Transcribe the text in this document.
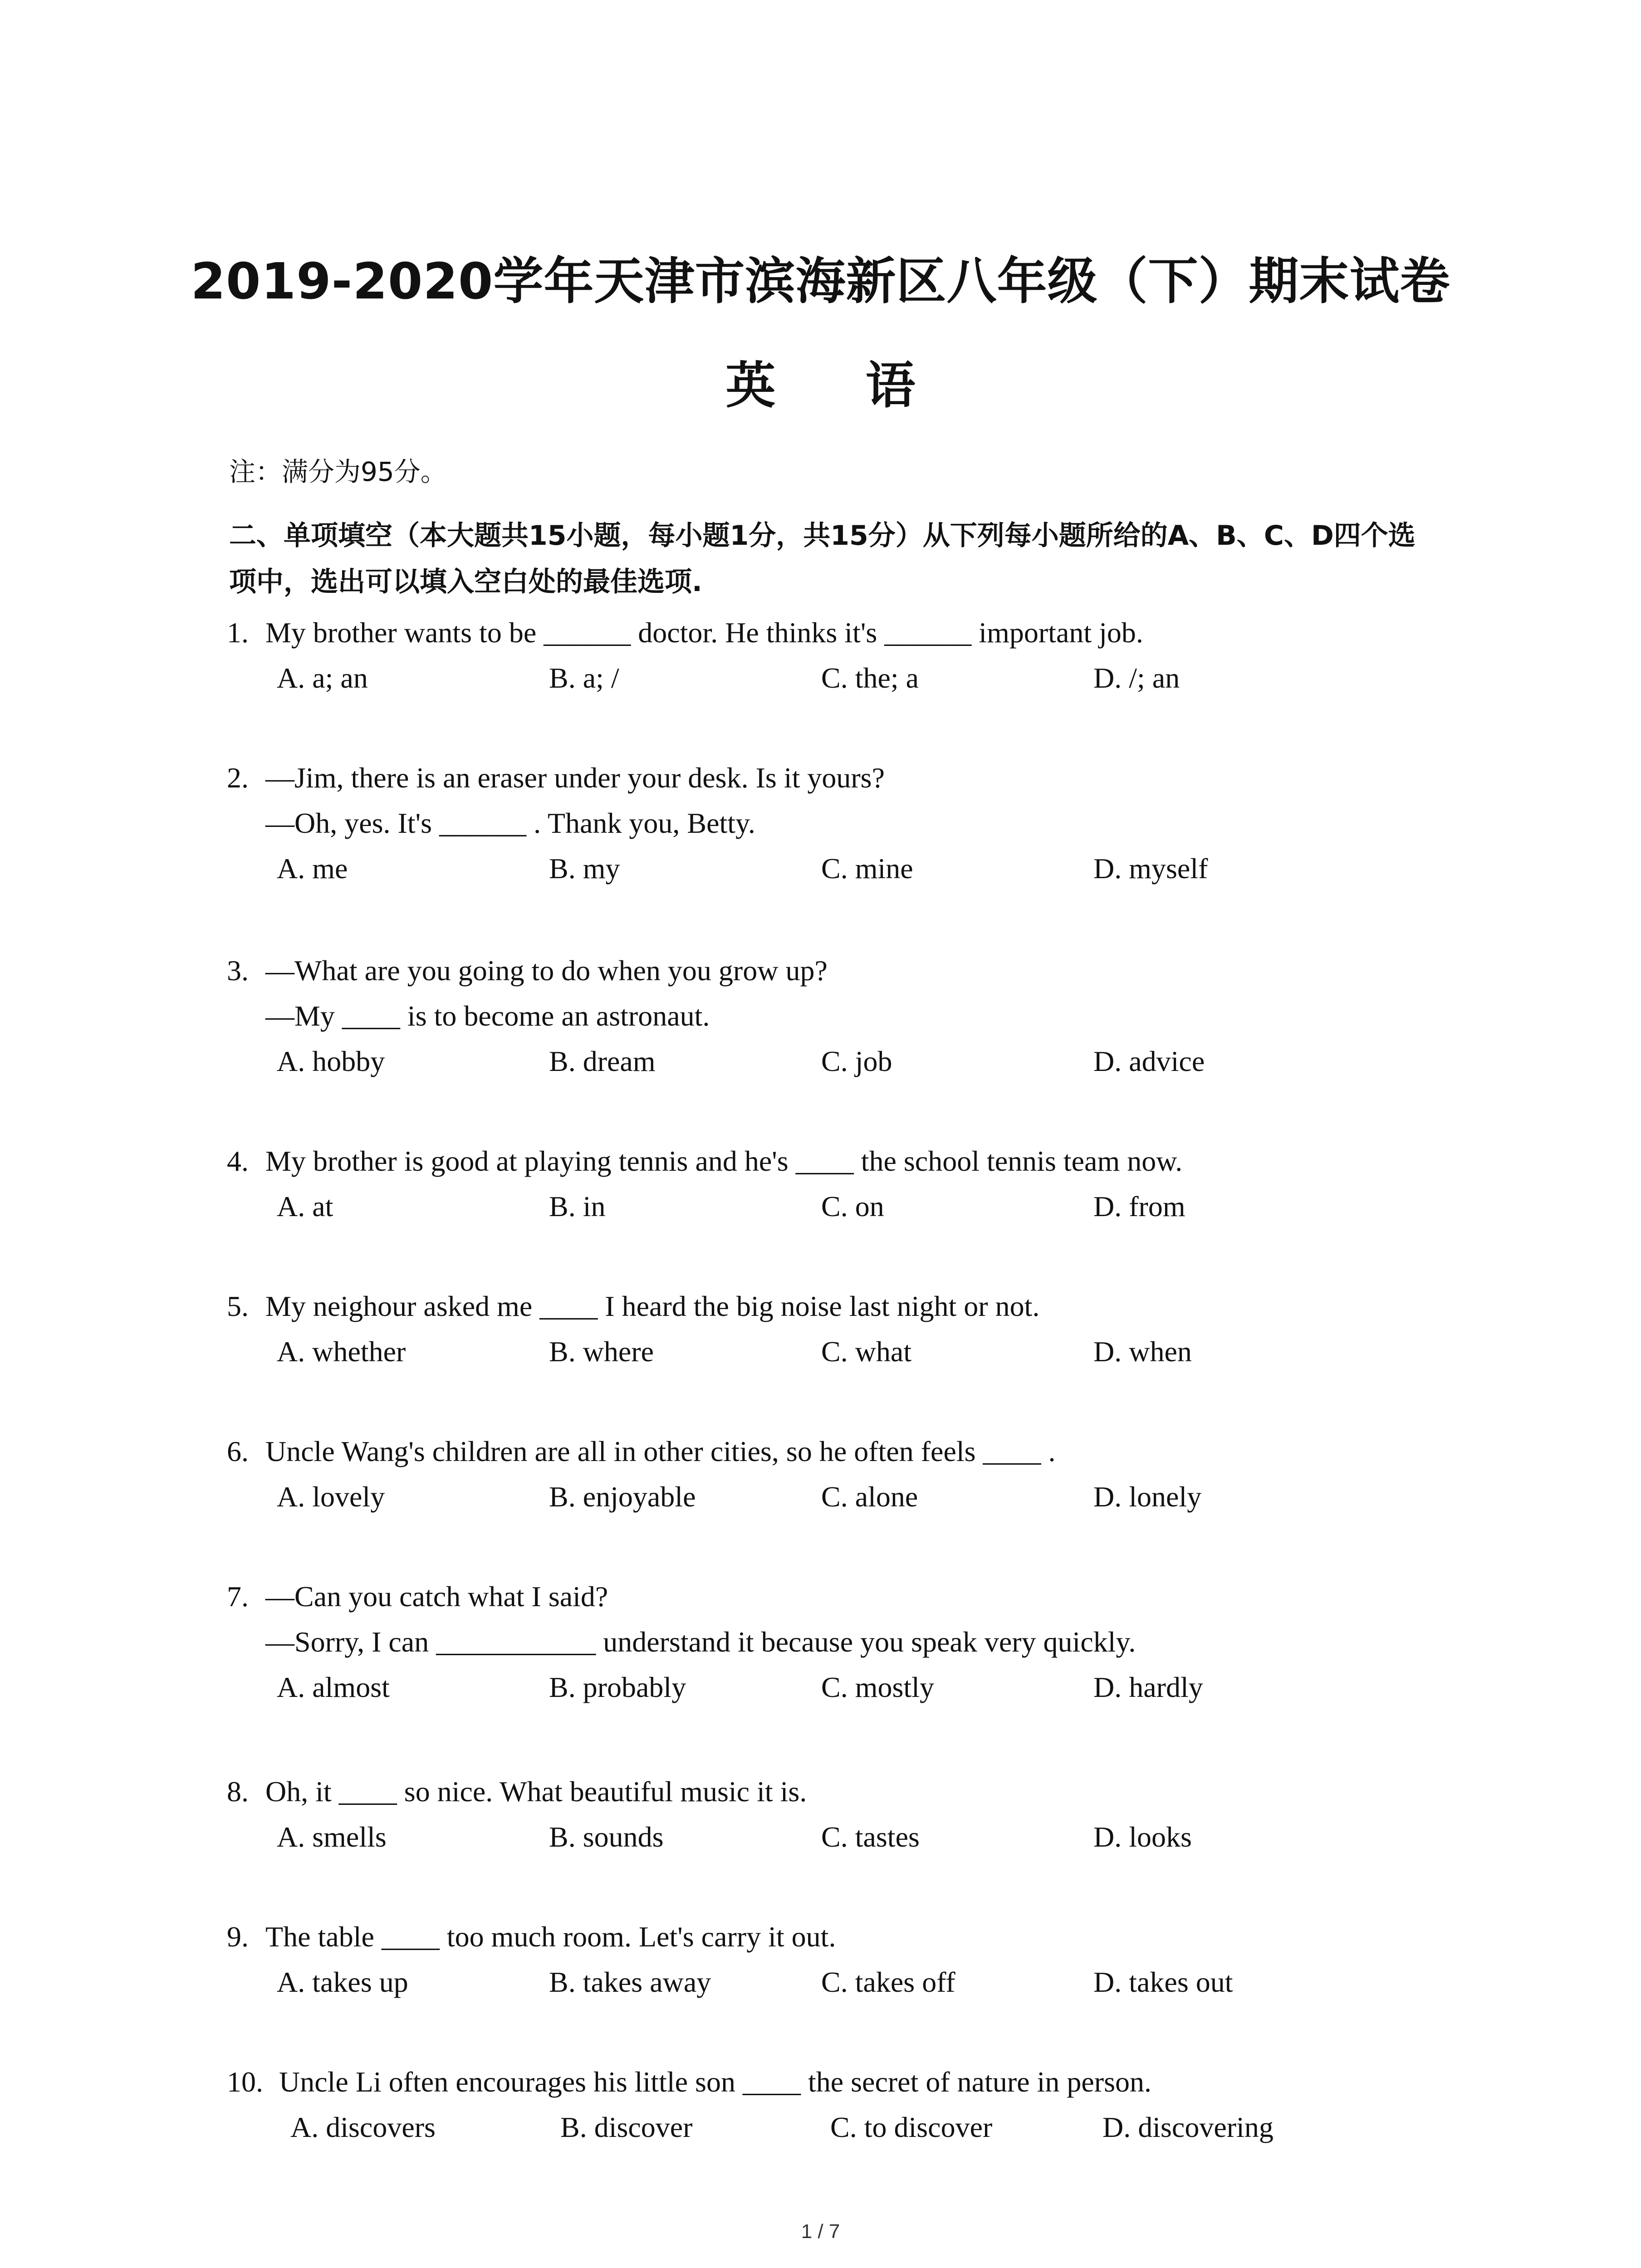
2019-2020学年天津市滨海新区八年级（下）期末试卷
英 语
注：满分为95分。
二、单项填空（本大题共15小题，每小题1分，共15分）从下列每小题所给的A、B、C、D四个选项中，选出可以填入空白处的最佳选项.
1. My brother wants to be ______ doctor. He thinks it's ______ important job.
A. a; an	B. a; /	C. the; a	D. /; an
2. —Jim, there is an eraser under your desk. Is it yours?
—Oh, yes. It's ______ . Thank you, Betty.
A. me	B. my	C. mine	D. myself
3. —What are you going to do when you grow up?
—My ____ is to become an astronaut.
A. hobby	B. dream	C. job	D. advice
4. My brother is good at playing tennis and he's ____ the school tennis team now.
A. at	B. in	C. on	D. from
5. My neighour asked me ____ I heard the big noise last night or not.
A. whether	B. where	C. what	D. when
6. Uncle Wang's children are all in other cities, so he often feels ____ .
A. lovely	B. enjoyable	C. alone	D. lonely
7. —Can you catch what I said?
—Sorry, I can ___________ understand it because you speak very quickly.
A. almost	B. probably	C. mostly	D. hardly
8. Oh, it ____ so nice. What beautiful music it is.
A. smells	B. sounds	C. tastes	D. looks
9. The table ____ too much room. Let's carry it out.
A. takes up	B. takes away	C. takes off	D. takes out
10. Uncle Li often encourages his little son ____ the secret of nature in person.
A. discovers	B. discover	C. to discover	D. discovering
1 / 7
